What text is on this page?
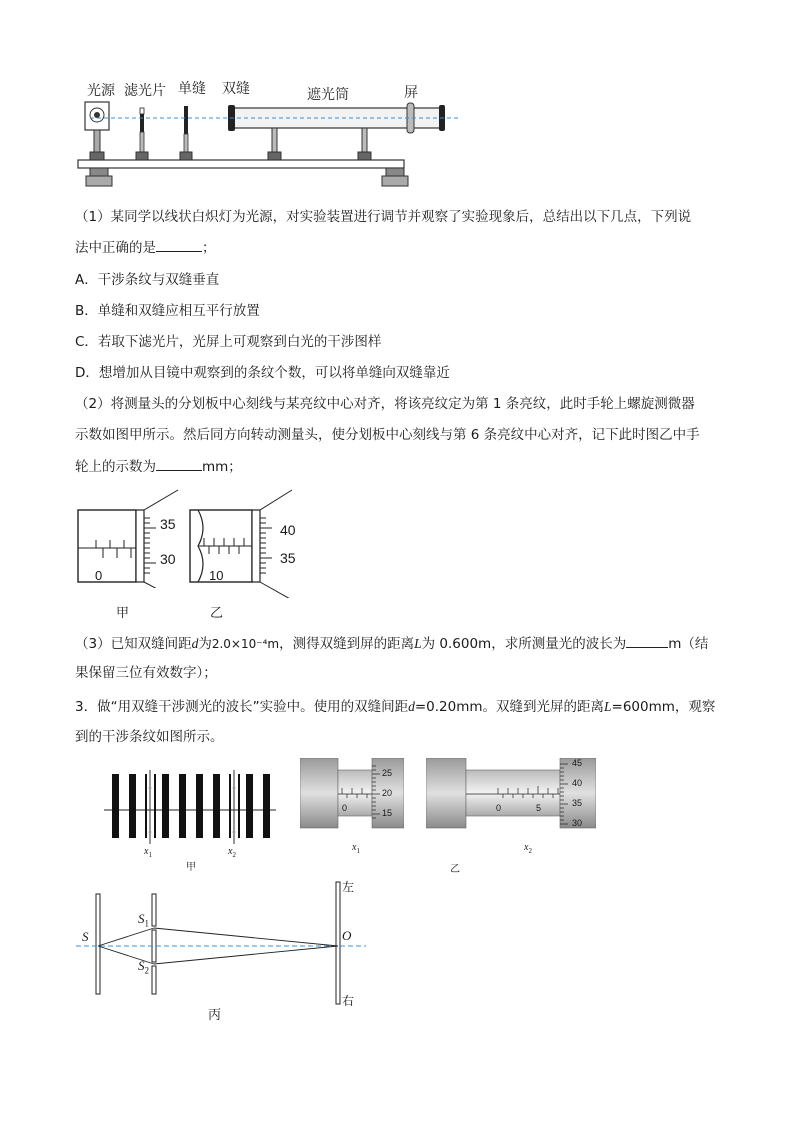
光源 滤光片 单缝 双缝	遮光筒	屏
（1）某同学以线状白炽灯为光源，对实验装置进行调节并观察了实验现象后，总结出以下几点，下列说
法中正确的是	；
A．干涉条纹与双缝垂直
B．单缝和双缝应相互平行放置
C．若取下滤光片，光屏上可观察到白光的干涉图样
D．想增加从目镜中观察到的条纹个数，可以将单缝向双缝靠近
（2）将测量头的分划板中心刻线与某亮纹中心对齐，将该亮纹定为第 1 条亮纹，此时手轮上螺旋测微器
示数如图甲所示。然后同方向转动测量头，使分划板中心刻线与第 6 条亮纹中心对齐，记下此时图乙中手
轮上的示数为	mm；
0
35
30
甲
10
40
35
乙
（3）已知双缝间距d为2.0×10⁻⁴m，测得双缝到屏的距离L为 0.600m，求所测量光的波长为	m（结
果保留三位有效数字）；
3．做“用双缝干涉测光的波长”实验中。使用的双缝间距d=0.20mm。双缝到光屏的距离L=600mm，观察
到的干涉条纹如图所示。
$x_1$	$x_2$
甲
0
25
20
15
$x_1$
0	5
45
40
35
30
$x_2$
乙
S
$S_1$
$S_2$
O
左
右
丙
